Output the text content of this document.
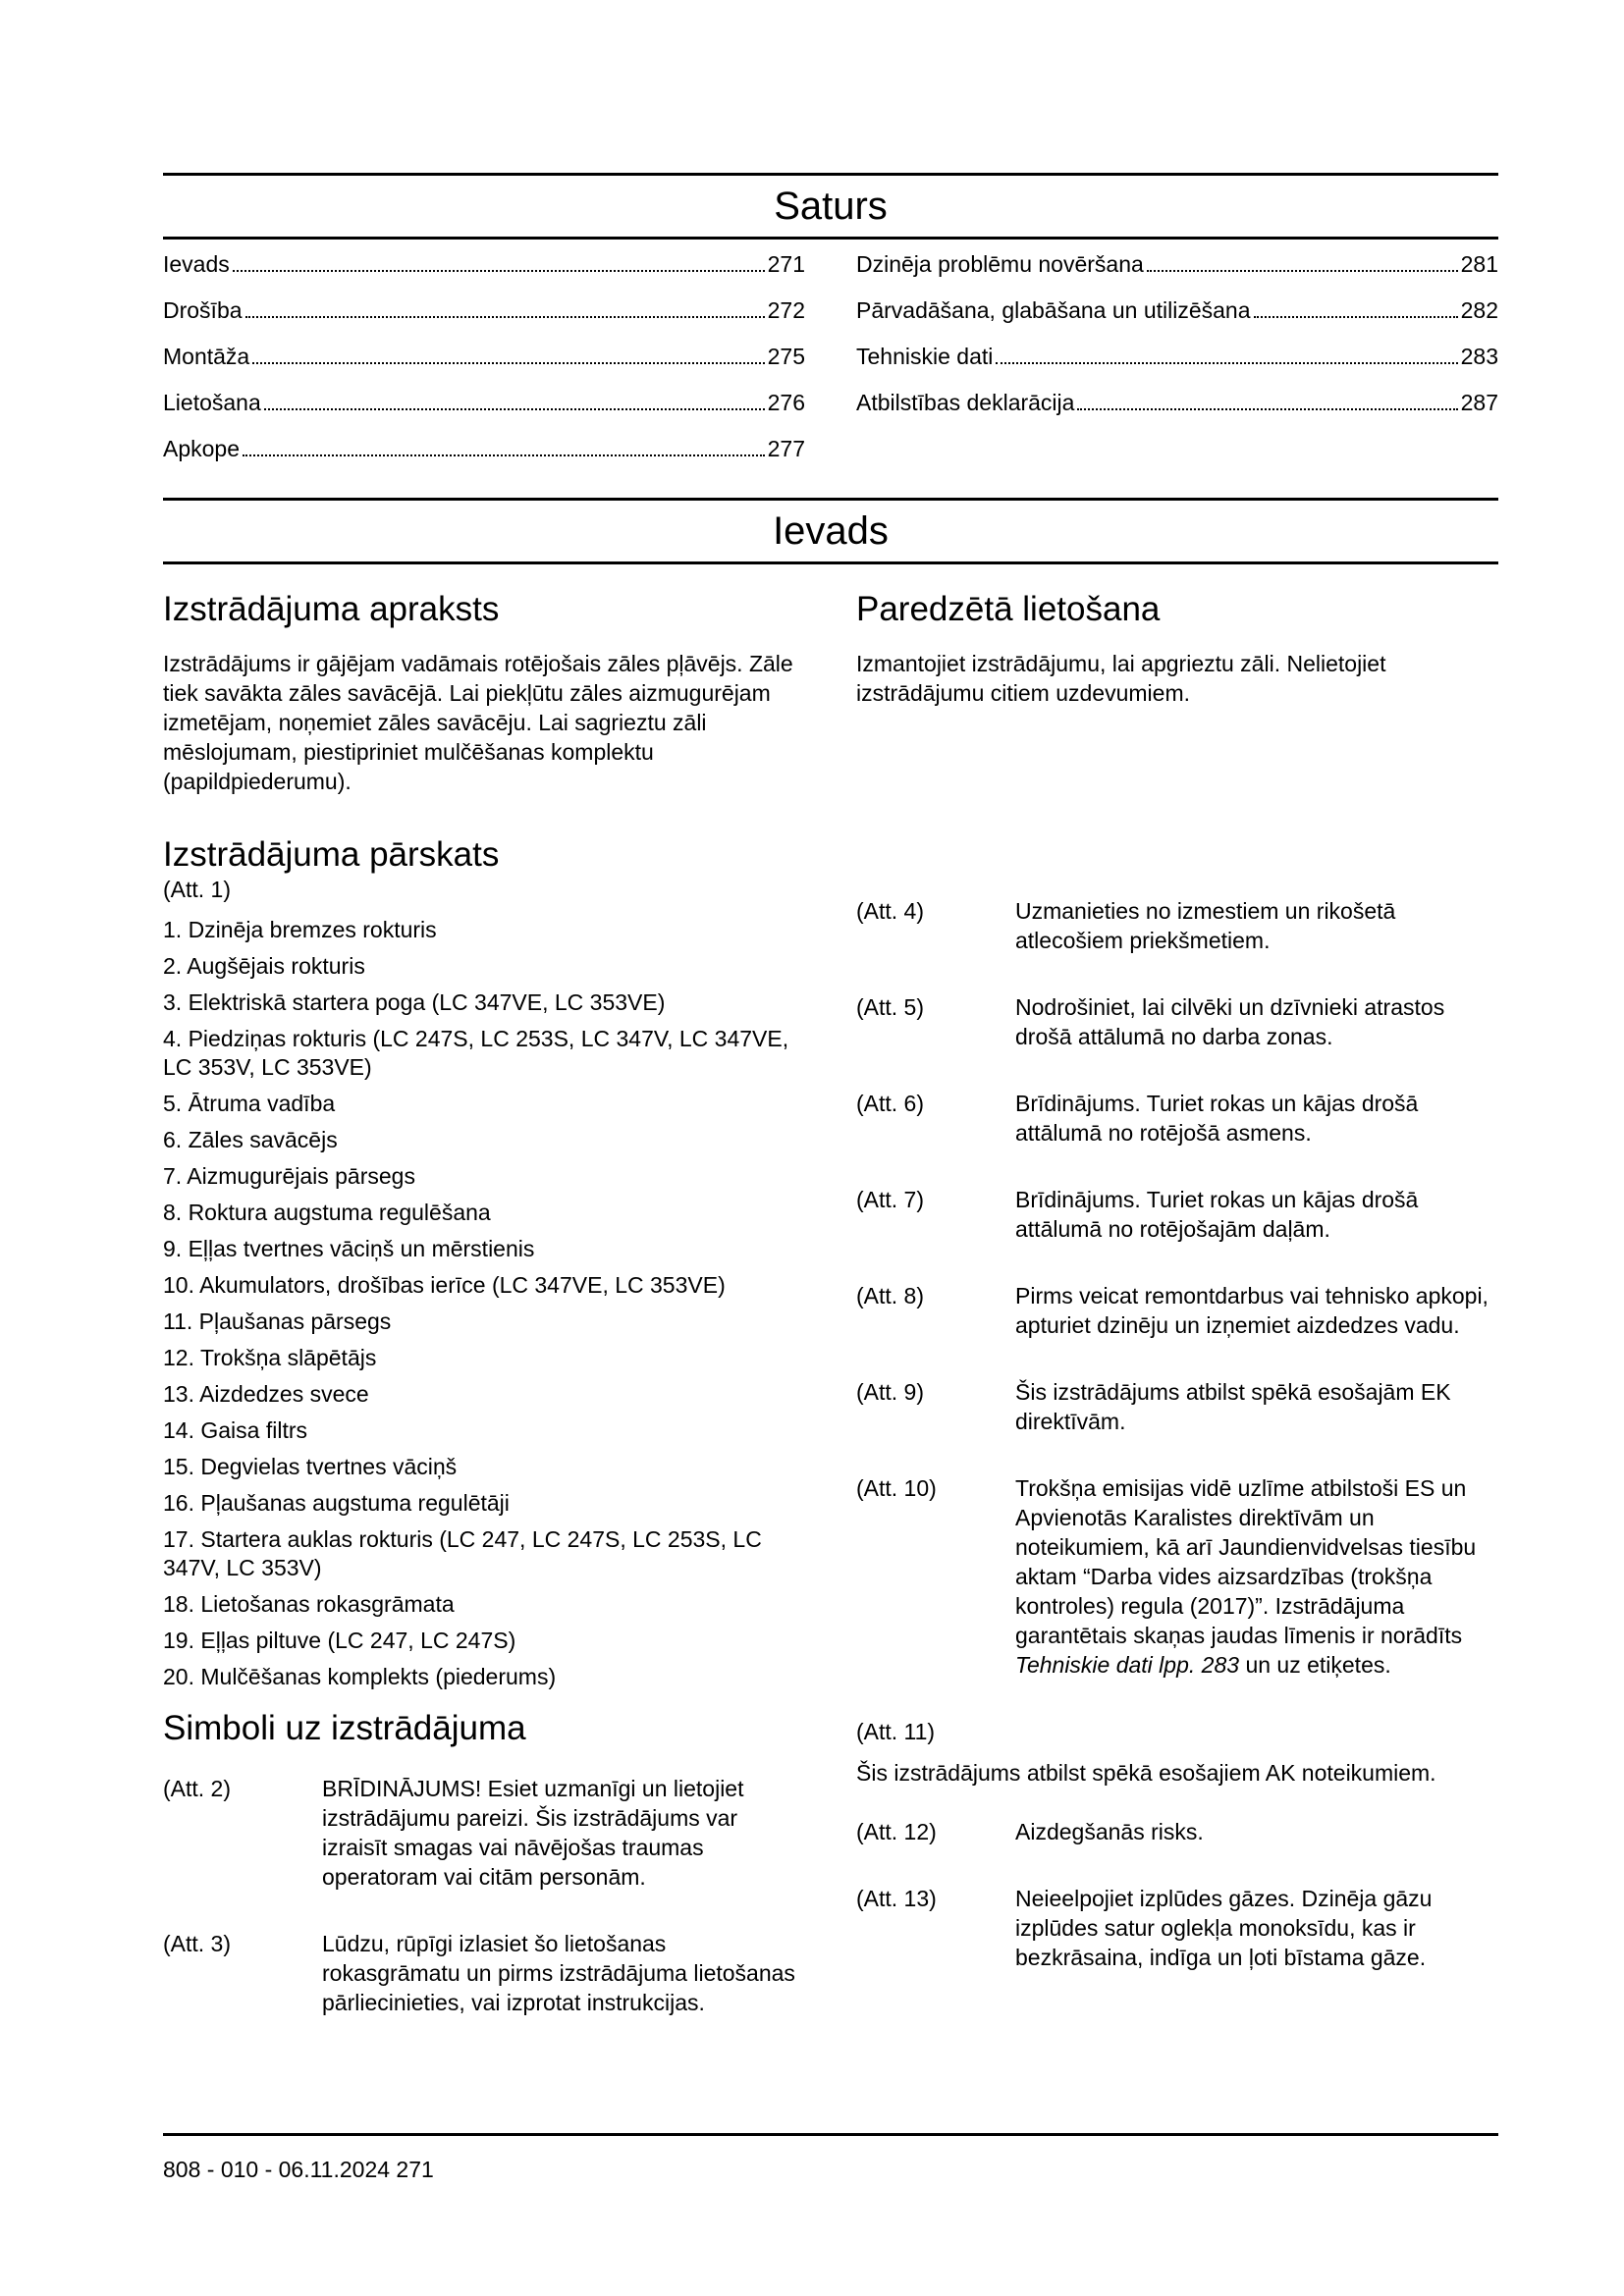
Saturs
Ievads	271
Drošība	272
Montāža	275
Lietošana	276
Apkope	277
Dzinēja problēmu novēršana	281
Pārvadāšana, glabāšana un utilizēšana	282
Tehniskie dati	283
Atbilstības deklarācija	287
Ievads
Izstrādājuma apraksts

Izstrādājums ir gājējam vadāmais rotējošais zāles pļāvējs. Zāle tiek savākta zāles savācējā. Lai piekļūtu zāles aizmugurējam izmetējam, noņemiet zāles savācēju. Lai sagrieztu zāli mēslojumam, piestipriniet mulčēšanas komplektu (papildpiederumu).

Izstrādājuma pārskats
(Att. 1)
1. Dzinēja bremzes rokturis
2. Augšējais rokturis
3. Elektriskā startera poga (LC 347VE, LC 353VE)
4. Piedziņas rokturis (LC 247S, LC 253S, LC 347V, LC 347VE, LC 353V, LC 353VE)
5. Ātruma vadība
6. Zāles savācējs
7. Aizmugurējais pārsegs
8. Roktura augstuma regulēšana
9. Eļļas tvertnes vāciņš un mērstienis
10. Akumulators, drošības ierīce (LC 347VE, LC 353VE)
11. Pļaušanas pārsegs
12. Trokšņa slāpētājs
13. Aizdedzes svece
14. Gaisa filtrs
15. Degvielas tvertnes vāciņš
16. Pļaušanas augstuma regulētāji
17. Startera auklas rokturis (LC 247, LC 247S, LC 253S, LC 347V, LC 353V)
18. Lietošanas rokasgrāmata
19. Eļļas piltuve (LC 247, LC 247S)
20. Mulčēšanas komplekts (piederums)
Simboli uz izstrādājuma
(Att. 2)	BRĪDINĀJUMS! Esiet uzmanīgi un lietojiet izstrādājumu pareizi. Šis izstrādājums var izraisīt smagas vai nāvējošas traumas operatoram vai citām personām.
(Att. 3)	Lūdzu, rūpīgi izlasiet šo lietošanas rokasgrāmatu un pirms izstrādājuma lietošanas pārliecinieties, vai izprotat instrukcijas.
Paredzētā lietošana

Izmantojiet izstrādājumu, lai apgrieztu zāli. Nelietojiet izstrādājumu citiem uzdevumiem.

(Att. 4)	Uzmanieties no izmestiem un rikošetā atlecošiem priekšmetiem.
(Att. 5)	Nodrošiniet, lai cilvēki un dzīvnieki atrastos drošā attālumā no darba zonas.
(Att. 6)	Brīdinājums. Turiet rokas un kājas drošā attālumā no rotējošā asmens.
(Att. 7)	Brīdinājums. Turiet rokas un kājas drošā attālumā no rotējošajām daļām.
(Att. 8)	Pirms veicat remontdarbus vai tehnisko apkopi, apturiet dzinēju un izņemiet aizdedzes vadu.
(Att. 9)	Šis izstrādājums atbilst spēkā esošajām EK direktīvām.
(Att. 10)	Trokšņa emisijas vidē uzlīme atbilstoši ES un Apvienotās Karalistes direktīvām un noteikumiem, kā arī Jaundienvidvelsas tiesību aktam “Darba vides aizsardzības (trokšņa kontroles) regula (2017)”. Izstrādājuma garantētais skaņas jaudas līmenis ir norādīts Tehniskie dati lpp. 283 un uz etiķetes.
(Att. 11)
Šis izstrādājums atbilst spēkā esošajiem AK noteikumiem.
(Att. 12)	Aizdegšanās risks.
(Att. 13)	Neieelpojiet izplūdes gāzes. Dzinēja gāzu izplūdes satur oglekļa monoksīdu, kas ir bezkrāsaina, indīga un ļoti bīstama gāze.
808 - 010 - 06.11.2024 271
